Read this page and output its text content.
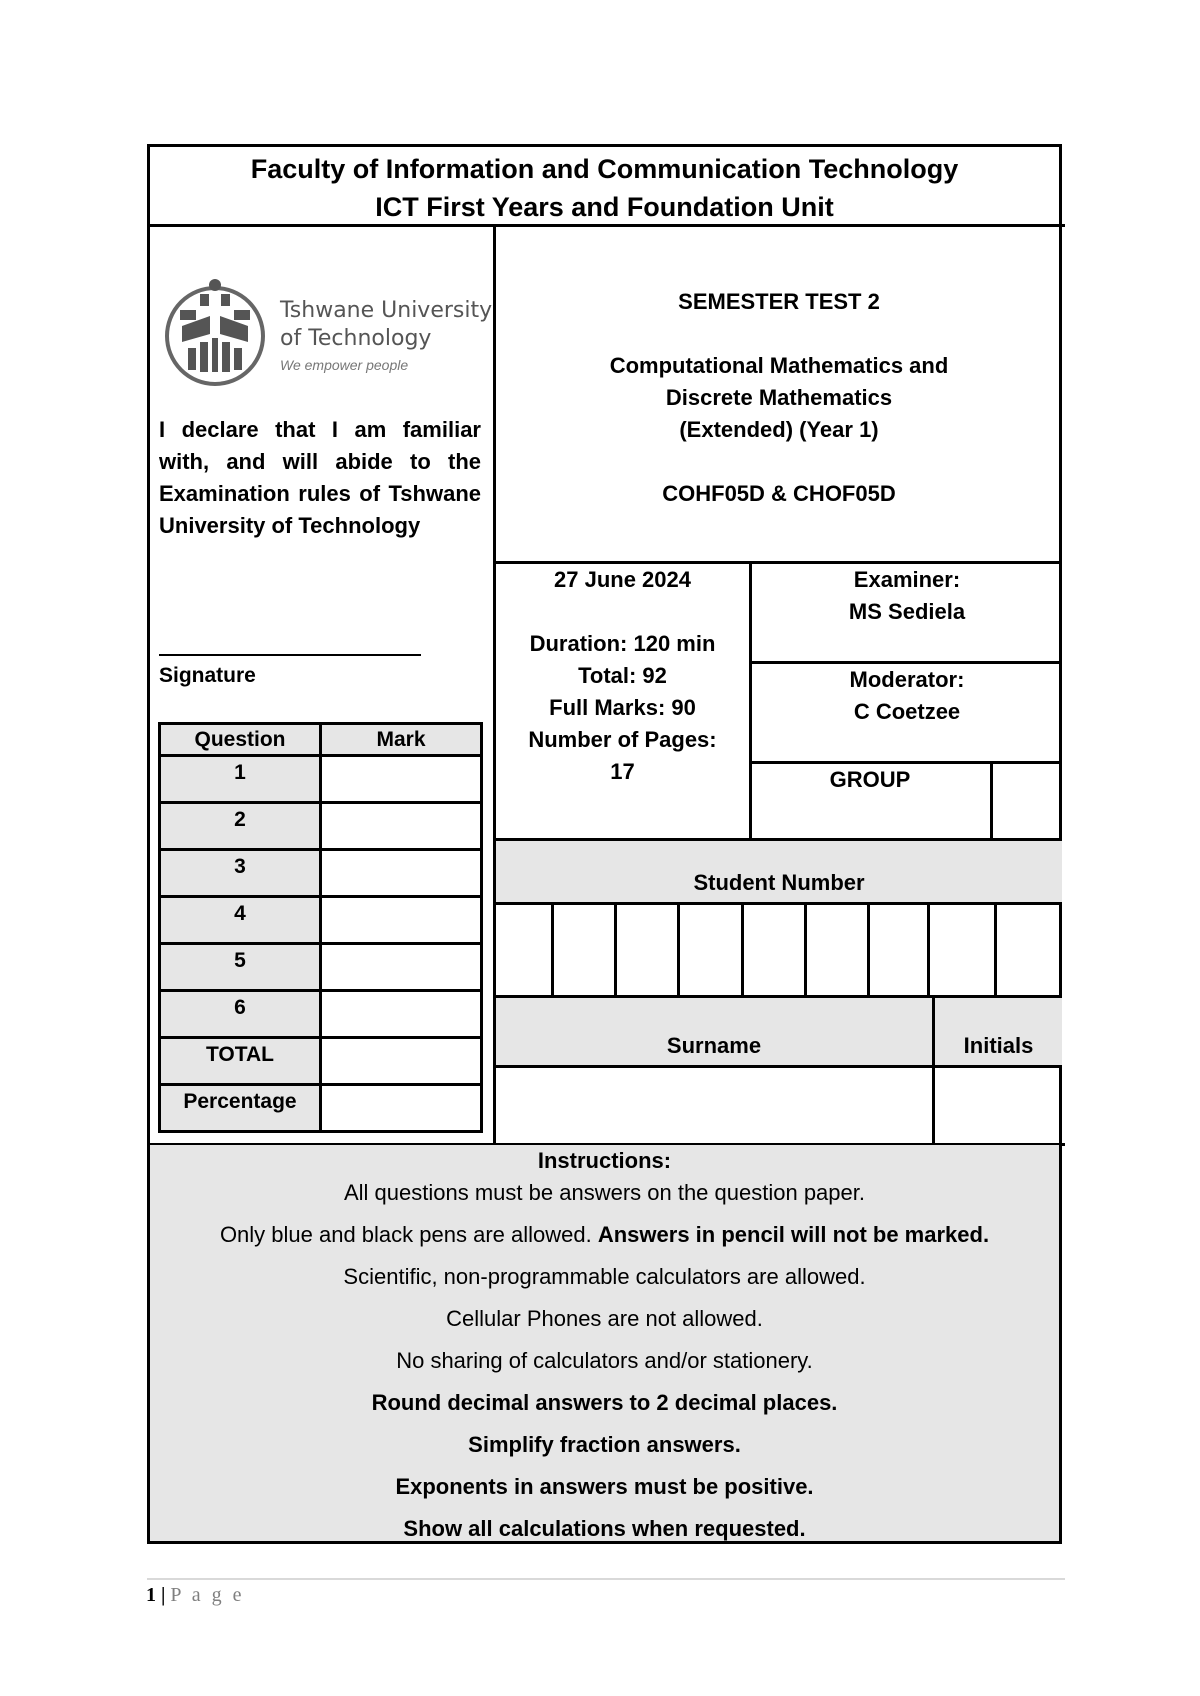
Faculty of Information and Communication Technology
ICT First Years and Foundation Unit
Tshwane University
of Technology
We empower people
I declare that I am familiar with, and will abide to the Examination rules of Tshwane University of Technology
Signature
Question	Mark
1	
2	
3	
4	
5	
6	
TOTAL	
Percentage	
SEMESTER TEST 2
Computational Mathematics and
Discrete Mathematics
(Extended) (Year 1)
COHF05D & CHOF05D
27 June 2024
Duration: 120 min
Total: 92
Full Marks: 90
Number of Pages:
17
Examiner:
MS Sediela
Moderator:
C Coetzee
GROUP
Student Number
Surname	Initials
Instructions:
All questions must be answers on the question paper.
Only blue and black pens are allowed. Answers in pencil will not be marked.
Scientific, non-programmable calculators are allowed.
Cellular Phones are not allowed.
No sharing of calculators and/or stationery.
Round decimal answers to 2 decimal places.
Simplify fraction answers.
Exponents in answers must be positive.
Show all calculations when requested.
1 | P a g e
